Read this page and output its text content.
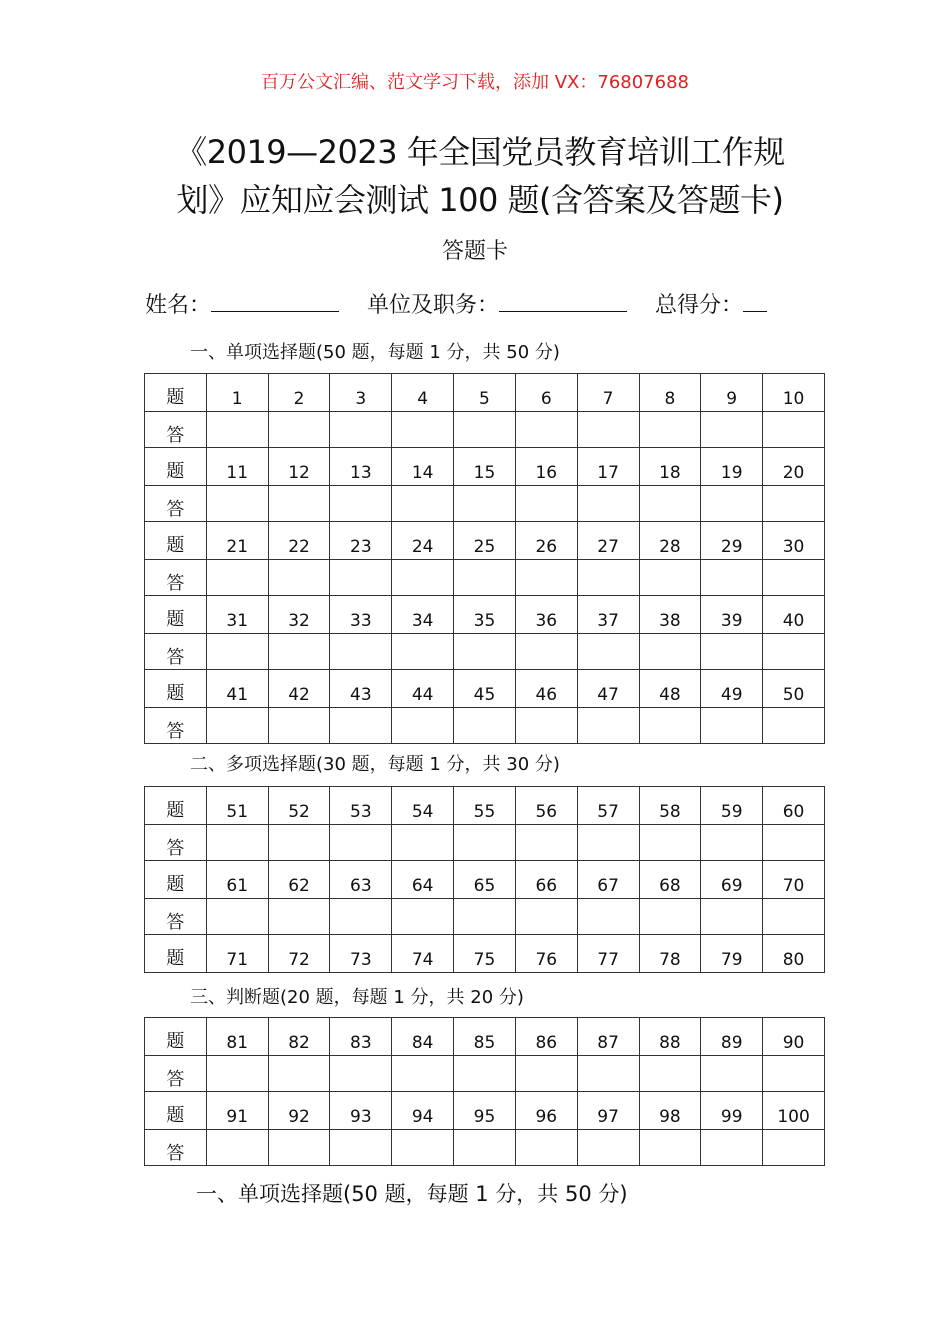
百万公文汇编、范文学习下载，添加 VX：76807688
《2019—2023 年全国党员教育培训工作规
划》应知应会测试 100 题(含答案及答题卡)
答题卡
姓名：	单位及职务：	总得分：
一、单项选择题(50 题，每题 1 分，共 50 分)
题	1	2	3	4	5	6	7	8	9	10
答										
题	11	12	13	14	15	16	17	18	19	20
答										
题	21	22	23	24	25	26	27	28	29	30
答										
题	31	32	33	34	35	36	37	38	39	40
答										
题	41	42	43	44	45	46	47	48	49	50
答										
二、多项选择题(30 题，每题 1 分，共 30 分)
题	51	52	53	54	55	56	57	58	59	60
答										
题	61	62	63	64	65	66	67	68	69	70
答										
题	71	72	73	74	75	76	77	78	79	80
三、判断题(20 题，每题 1 分，共 20 分)
题	81	82	83	84	85	86	87	88	89	90
答										
题	91	92	93	94	95	96	97	98	99	100
答										
一、单项选择题(50 题，每题 1 分，共 50 分)
